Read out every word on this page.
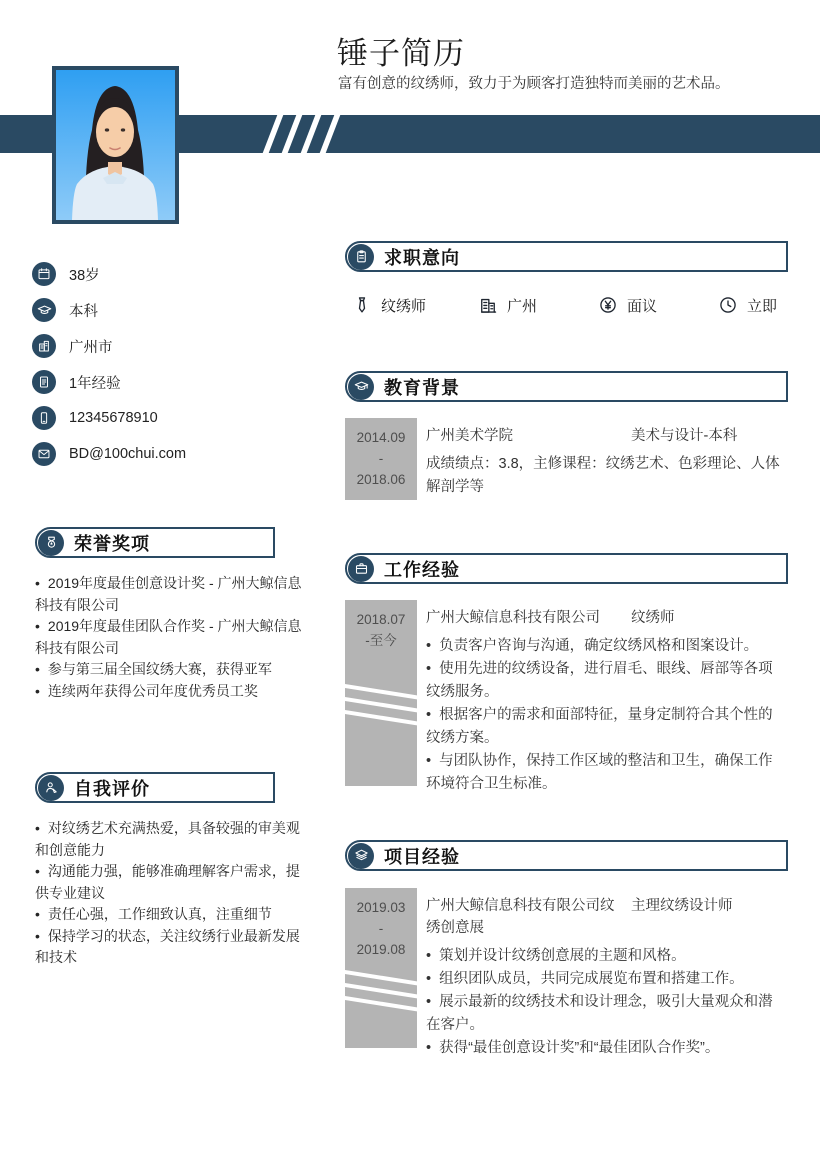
锤子简历
富有创意的纹绣师，致力于为顾客打造独特而美丽的艺术品。
38岁
本科
广州市
1年经验
12345678910
BD@100chui.com
荣誉奖项
• 2019年度最佳创意设计奖 - 广州大鲸信息科技有限公司
• 2019年度最佳团队合作奖 - 广州大鲸信息科技有限公司
• 参与第三届全国纹绣大赛，获得亚军
• 连续两年获得公司年度优秀员工奖
自我评价
• 对纹绣艺术充满热爱，具备较强的审美观和创意能力
• 沟通能力强，能够准确理解客户需求，提供专业建议
• 责任心强，工作细致认真，注重细节
• 保持学习的状态，关注纹绣行业最新发展和技术
求职意向
纹绣师	广州	面议	立即
教育背景
2014.09
-
2018.06
广州美术学院	美术与设计-本科
成绩绩点：3.8，主修课程：纹绣艺术、色彩理论、人体解剖学等
工作经验
2018.07
-至今
广州大鲸信息科技有限公司 纹绣师
• 负责客户咨询与沟通，确定纹绣风格和图案设计。
• 使用先进的纹绣设备，进行眉毛、眼线、唇部等各项纹绣服务。
• 根据客户的需求和面部特征，量身定制符合其个性的纹绣方案。
• 与团队协作，保持工作区域的整洁和卫生，确保工作环境符合卫生标准。
项目经验
2019.03
-
2019.08
广州大鲸信息科技有限公司纹绣创意展
主理纹绣设计师
• 策划并设计纹绣创意展的主题和风格。
• 组织团队成员，共同完成展览布置和搭建工作。
• 展示最新的纹绣技术和设计理念，吸引大量观众和潜在客户。
• 获得“最佳创意设计奖”和“最佳团队合作奖”。
